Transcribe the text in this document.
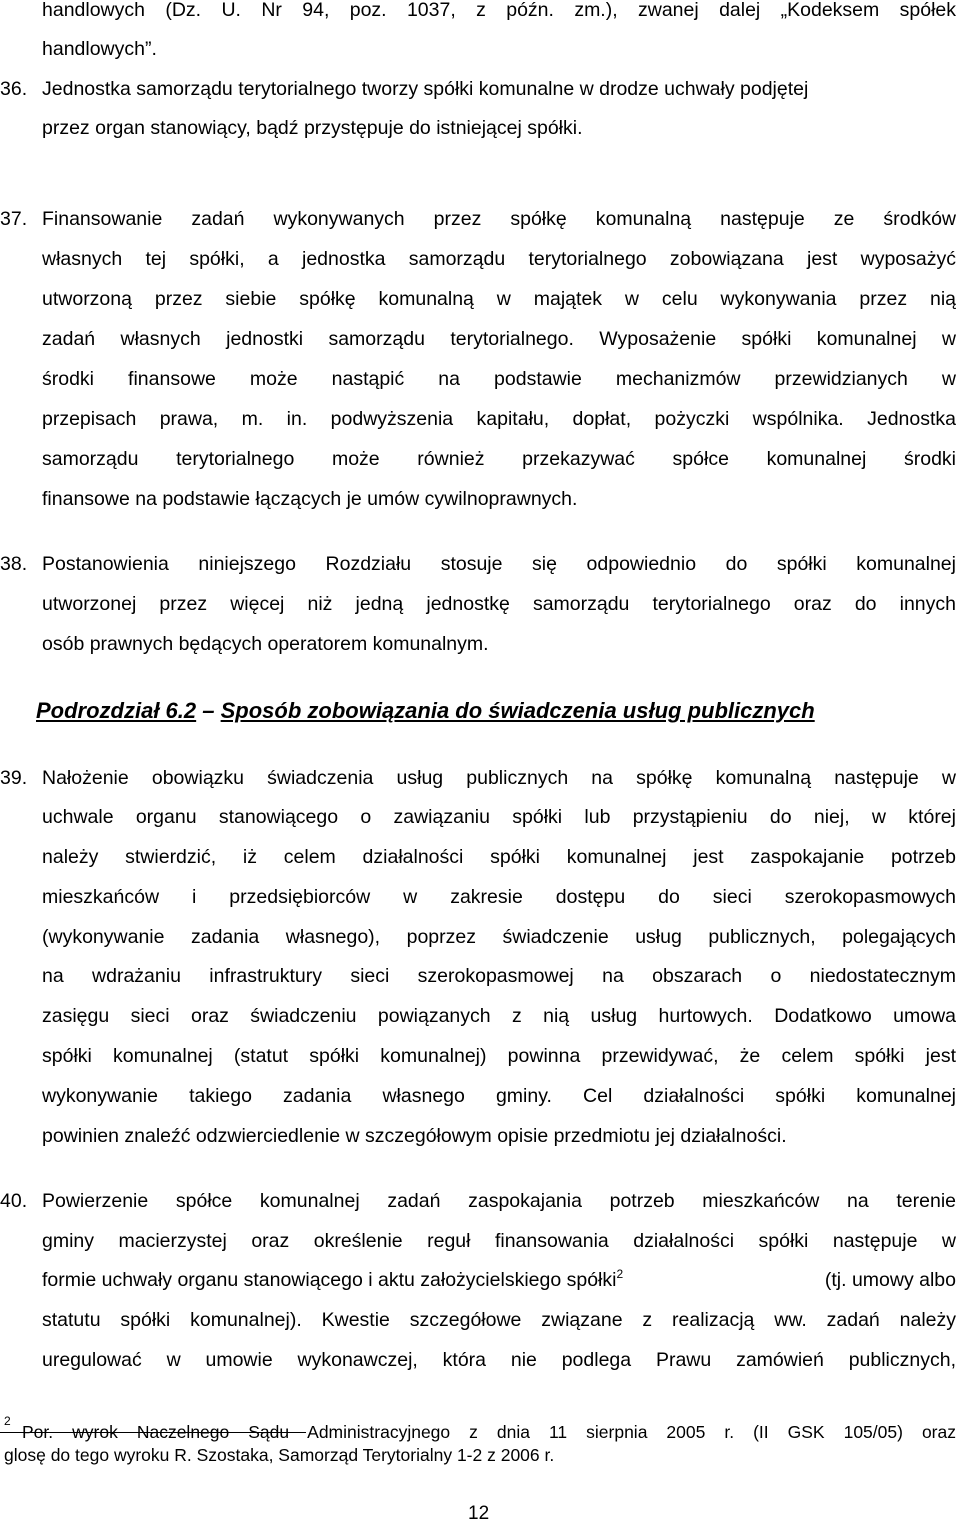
handlowych (Dz. U. Nr 94, poz. 1037, z późn. zm.), zwanej dalej „Kodeksem spółek
handlowych”.
36. Jednostka samorządu terytorialnego tworzy spółki komunalne w drodze uchwały podjętej
przez organ stanowiący, bądź przystępuje do istniejącej spółki.
37. Finansowanie zadań wykonywanych przez spółkę komunalną następuje ze środków
własnych tej spółki, a jednostka samorządu terytorialnego zobowiązana jest wyposażyć
utworzoną przez siebie spółkę komunalną w majątek w celu wykonywania przez nią
zadań własnych jednostki samorządu terytorialnego. Wyposażenie spółki komunalnej w
środki finansowe może nastąpić na podstawie mechanizmów przewidzianych w
przepisach prawa, m. in. podwyższenia kapitału, dopłat, pożyczki wspólnika. Jednostka
samorządu terytorialnego może również przekazywać spółce komunalnej środki
finansowe na podstawie łączących je umów cywilnoprawnych.
38. Postanowienia niniejszego Rozdziału stosuje się odpowiednio do spółki komunalnej
utworzonej przez więcej niż jedną jednostkę samorządu terytorialnego oraz do innych
osób prawnych będących operatorem komunalnym.
Podrozdział 6.2 – Sposób zobowiązania do świadczenia usług publicznych
39. Nałożenie obowiązku świadczenia usług publicznych na spółkę komunalną następuje w
uchwale organu stanowiącego o zawiązaniu spółki lub przystąpieniu do niej, w której
należy stwierdzić, iż celem działalności spółki komunalnej jest zaspokajanie potrzeb
mieszkańców i przedsiębiorców w zakresie dostępu do sieci szerokopasmowych
(wykonywanie zadania własnego), poprzez świadczenie usług publicznych, polegających
na wdrażaniu infrastruktury sieci szerokopasmowej na obszarach o niedostatecznym
zasięgu sieci oraz świadczeniu powiązanych z nią usług hurtowych. Dodatkowo umowa
spółki komunalnej (statut spółki komunalnej) powinna przewidywać, że celem spółki jest
wykonywanie takiego zadania własnego gminy. Cel działalności spółki komunalnej
powinien znaleźć odzwierciedlenie w szczegółowym opisie przedmiotu jej działalności.
40. Powierzenie spółce komunalnej zadań zaspokajania potrzeb mieszkańców na terenie
gminy macierzystej oraz określenie reguł finansowania działalności spółki następuje w
formie uchwały organu stanowiącego i aktu założycielskiego spółki$^2$	(tj. umowy albo
statutu spółki komunalnej). Kwestie szczegółowe związane z realizacją ww. zadań należy
uregulować w umowie wykonawczej, która nie podlega Prawu zamówień publicznych,
2
Por. wyrok Naczelnego Sądu Administracyjnego z dnia 11 sierpnia 2005 r. (II GSK 105/05) oraz
glosę do tego wyroku R. Szostaka, Samorząd Terytorialny 1-2 z 2006 r.
12
